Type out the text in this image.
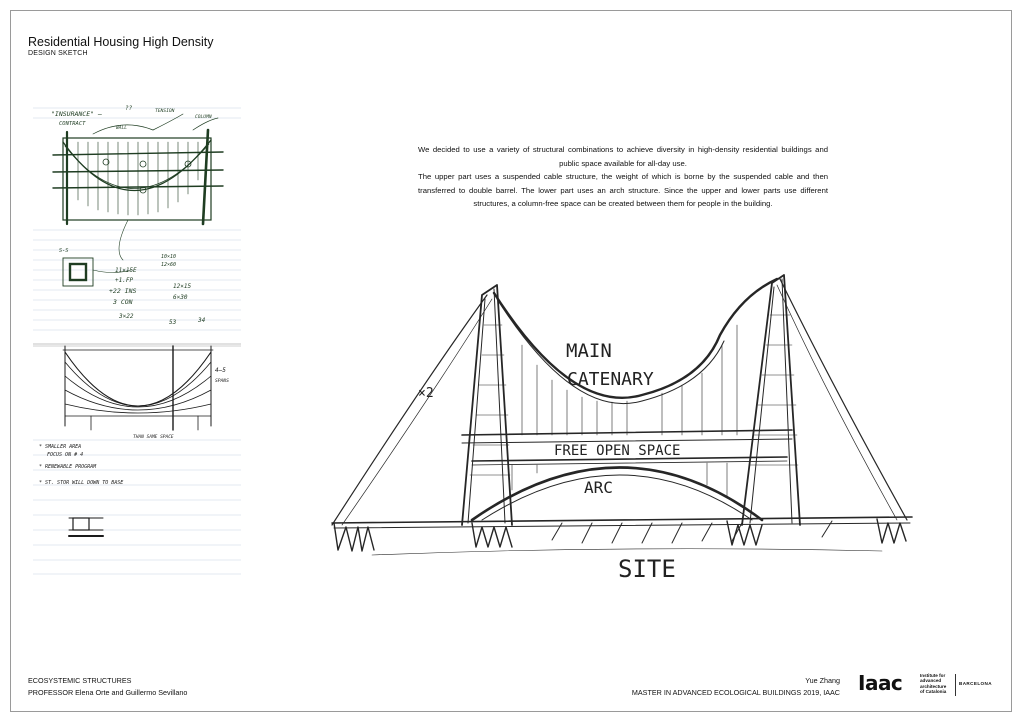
Residential Housing High Density
DESIGN SKETCH

We decided to use a variety of structural combinations to achieve diversity in high-density residential buildings and public space available for all-day use.

The upper part uses a suspended cable structure, the weight of which is borne by the suspended cable and then transferred to double barrel. The lower part uses an arch structure. Since the upper and lower parts use different structures, a column-free space can be created between them for people in the building.

"INSURANCE" —
CONTRACT
??
WALL
TENSION
COLUMN
S-S
10×10
12×60
11×15E
+1.FP
+22 INS
3 CON
12×15
6×30
3×22
53	34
4–5
SPANS
* SMALLER AREA
FOCUS ON # 4
THAN SAME SPACE
* RENEWABLE PROGRAM
* ST. STOR WILL DOWN TO BASE
MAIN
CATENARY
FREE OPEN SPACE
ARC
SITE
×2
ECOSYSTEMIC STRUCTURES
PROFESSOR Elena Orte and Guillermo Sevillano
Yue Zhang
MASTER IN ADVANCED ECOLOGICAL BUILDINGS 2019, IAAC Iaac	Institute for
advanced
architecture
of Catalonia
BARCELONA
